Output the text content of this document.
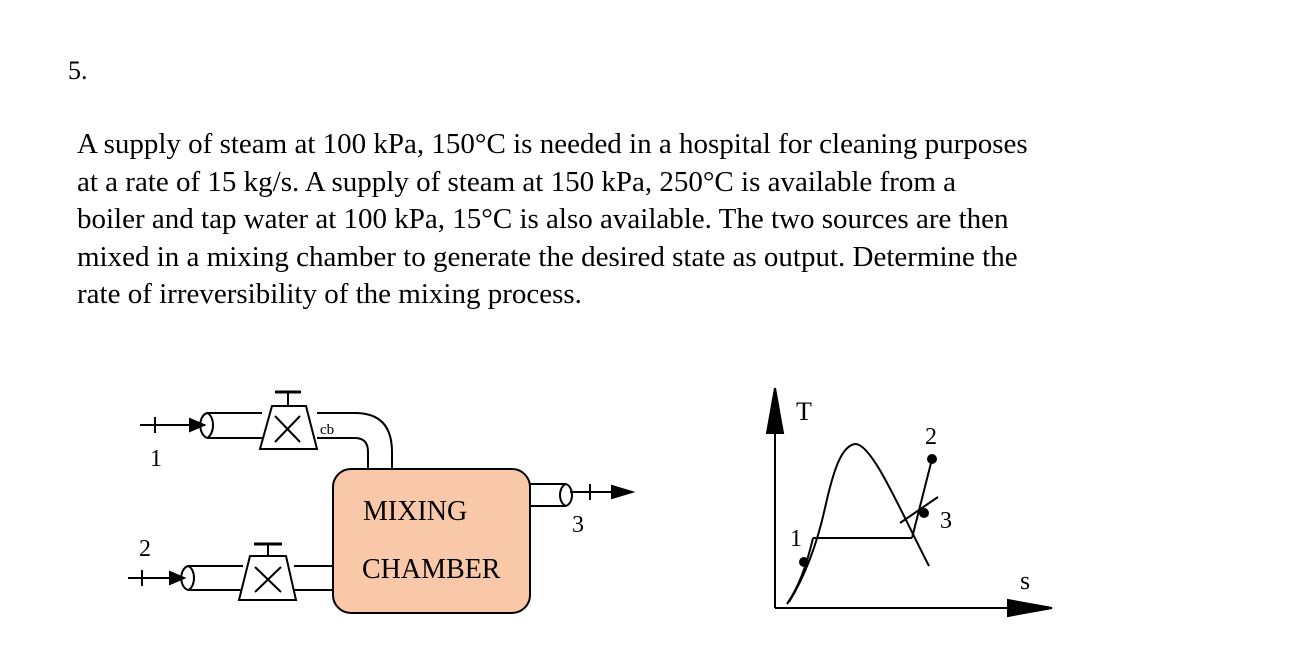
5.

A supply of steam at 100 kPa, 150°C is needed in a hospital for cleaning purposes
at a rate of 15 kg/s. A supply of steam at 150 kPa, 250°C is available from a
boiler and tap water at 100 kPa, 15°C is also available. The two sources are then
mixed in a mixing chamber to generate the desired state as output. Determine the
rate of irreversibility of the mixing process.

cb
1
2
3
MIXING
CHAMBER
T
s
1
2
3
